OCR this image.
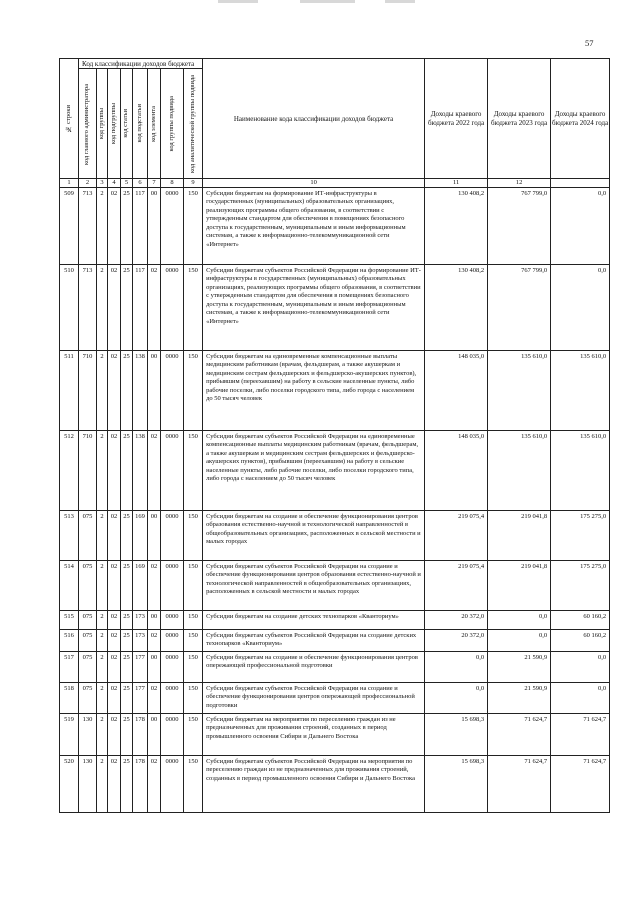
57
№ строки	Код классификации доходов бюджета								Наименование кода классификации доходов бюджета	Доходы краевого бюджета 2022 года	Доходы краевого бюджета 2023 года	Доходы краевого бюджета 2024 года

	код главного администратора	код группы	код подгруппы	код статьи	код подстатьи	код элемента	код группы подвида	код аналитической группы подвида				

1	2	3	4	5	6	7	8	9	10	11	12	
509	713	2	02	25	117	00	0000	150	Субсидии бюджетам на формирование ИТ-инфраструктуры в государственных (муниципальных) образовательных организациях, реализующих программы общего образования, в соответствии с утвержденным стандартом для обеспечения в помещениях безопасного доступа к государственным, муниципальным и иным информационным системам, а также к информационно-телекоммуникационной сети «Интернет»	130 408,2	767 799,0	0,0
510	713	2	02	25	117	02	0000	150	Субсидии бюджетам субъектов Российской Федерации на формирование ИТ-инфраструктуры в государственных (муниципальных) образовательных организациях, реализующих программы общего образования, в соответствии с утвержденным стандартом для обеспечения в помещениях безопасного доступа к государственным, муниципальным и иным информационным системам, а также к информационно-телекоммуникационной сети «Интернет»	130 408,2	767 799,0	0,0
511	710	2	02	25	138	00	0000	150	Субсидии бюджетам на единовременные компенсационные выплаты медицинским работникам (врачам, фельдшерам, а также акушеркам и медицинским сестрам фельдшерских и фельдшерско-акушерских пунктов), прибывшим (переехавшим) на работу в сельские населенные пункты, либо рабочие поселки, либо поселки городского типа, либо города с населением до 50 тысяч человек	148 035,0	135 610,0	135 610,0
512	710	2	02	25	138	02	0000	150	Субсидии бюджетам субъектов Российской Федерации на единовременные компенсационные выплаты медицинским работникам (врачам, фельдшерам, а также акушеркам и медицинским сестрам фельдшерских и фельдшерско-акушерских пунктов), прибывшим (переехавшим) на работу в сельские населенные пункты, либо рабочие поселки, либо поселки городского типа, либо города с населением до 50 тысяч человек	148 035,0	135 610,0	135 610,0
513	075	2	02	25	169	00	0000	150	Субсидии бюджетам на создание и обеспечение функционирования центров образования естественно-научной и технологической направленностей в общеобразовательных организациях, расположенных в сельской местности и малых городах	219 075,4	219 041,8	175 275,0
514	075	2	02	25	169	02	0000	150	Субсидии бюджетам субъектов Российской Федерации на создание и обеспечение функционирования центров образования естественно-научной и технологической направленностей в общеобразовательных организациях, расположенных в сельской местности и малых городах	219 075,4	219 041,8	175 275,0
515	075	2	02	25	173	00	0000	150	Субсидии бюджетам на создание детских технопарков «Кванториум»	20 372,0	0,0	60 160,2
516	075	2	02	25	173	02	0000	150	Субсидии бюджетам субъектов Российской Федерации на создание детских технопарков «Кванториум»	20 372,0	0,0	60 160,2
517	075	2	02	25	177	00	0000	150	Субсидии бюджетам на создание и обеспечение функционирования центров опережающей профессиональной подготовки	0,0	21 590,9	0,0
518	075	2	02	25	177	02	0000	150	Субсидии бюджетам субъектов Российской Федерации на создание и обеспечение функционирования центров опережающей профессиональной подготовки	0,0	21 590,9	0,0
519	130	2	02	25	178	00	0000	150	Субсидии бюджетам на мероприятия по переселению граждан из не предназначенных для проживания строений, созданных в период промышленного освоения Сибири и Дальнего Востока	15 698,3	71 624,7	71 624,7
520	130	2	02	25	178	02	0000	150	Субсидии бюджетам субъектов Российской Федерации на мероприятия по переселению граждан из не предназначенных для проживания строений, созданных в период промышленного освоения Сибири и Дальнего Востока	15 698,3	71 624,7	71 624,7
